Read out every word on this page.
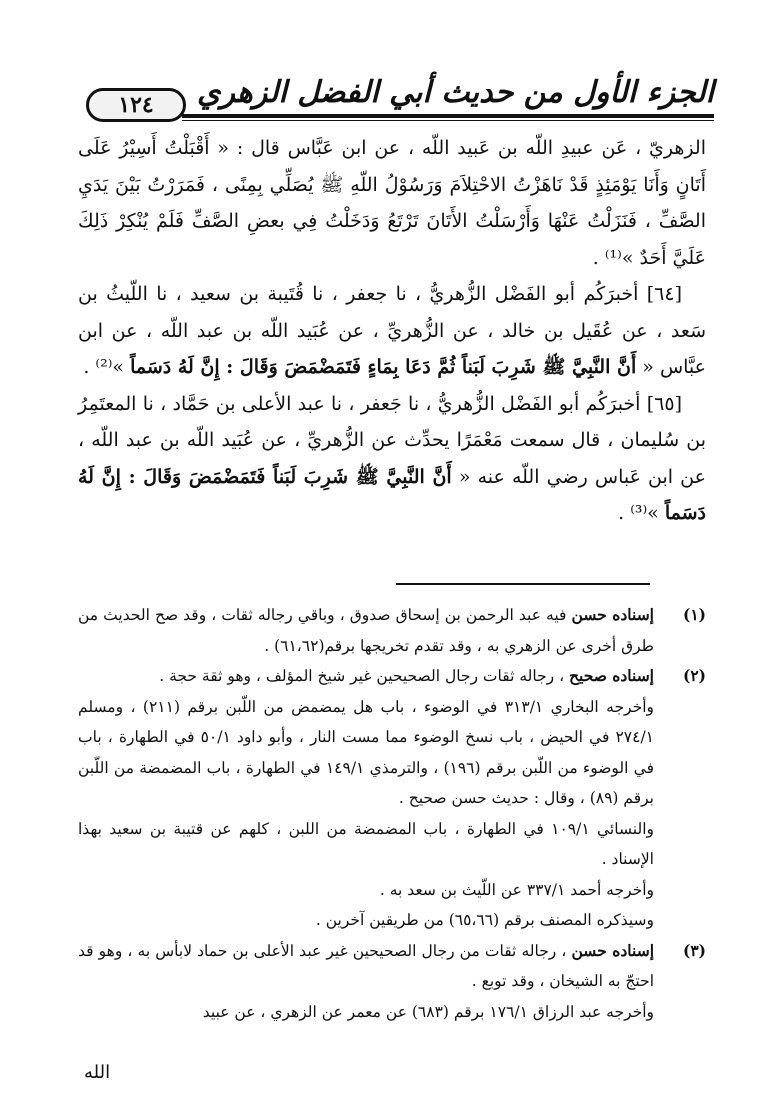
١٢٤	الجزء الأول من حديث أبي الفضل الزهري

الزهريّ ، عَن عبيدِ اللّه بن عَبيد اللّه ، عن ابن عَبَّاس قال : « أَقْبَلْتُ أَسِيْرُ عَلَى أَتَانٍ وَأَنَا يَوْمَئِذٍ قَدْ نَاهَزْتُ الاحْتِلاَمَ وَرَسُوْلُ اللّهِ ﷺ يُصَلِّي بِمِنًى ، فَمَرَرْتُ بَيْنَ يَدَيِ الصَّفِّ ، فَنَزَلْتُ عَنْهَا وَأَرْسَلْتُ الأَتَانَ تَرْتَعُ وَدَخَلْتُ فِي بعضِ الصَّفِّ فَلَمْ يُنْكِرْ ذَلِكَ عَلَيَّ أَحَدٌ »⁽¹⁾ .

[٦٤] أخبرَكُم أبو الفَضْل الزُّهريُّ ، نا جعفر ، نا قُتَيبة بن سعيد ، نا اللّيثُ بن سَعد ، عن عُقَيل بن خالد ، عن الزُّهريِّ ، عن عُبَيد اللّه بن عبد اللّه ، عن ابن عبَّاس « أَنَّ النَّبِيَّ ﷺ شَرِبَ لَبَناً ثُمَّ دَعَا بِمَاءٍ فَتَمَضْمَضَ وَقَالَ : إِنَّ لَهُ دَسَماً »⁽²⁾ .

[٦٥] أخبرَكُم أبو الفَضْل الزُّهريُّ ، نا جَعفر ، نا عبد الأعلى بن حَمَّاد ، نا المعتَمِرُ بن سُليمان ، قال سمعت مَعْمَرًا يحدِّث عن الزُّهريِّ ، عن عُبَيد اللّه بن عبد اللّه ، عن ابن عَباس رضي اللّه عنه « أَنَّ النَّبِيَّ ﷺ شَرِبَ لَبَناً فَتَمَضْمَضَ وَقَالَ : إِنَّ لَهُ دَسَماً »⁽³⁾ .

(١)

إسناده حسن فيه عبد الرحمن بن إسحاق صدوق ، وباقي رجاله ثقات ، وقد صح الحديث من طرق أخرى عن الزهري به ، وقد تقدم تخريجها برقم(٦١،٦٢) .

(٢)

إسناده صحيح ، رجاله ثقات رجال الصحيحين غير شيخ المؤلف ، وهو ثقة حجة .

وأخرجه البخاري ٣١٣/١ في الوضوء ، باب هل يمضمض من اللّبن برقم (٢١١) ، ومسلم ٢٧٤/١ في الحيض ، باب نسخ الوضوء مما مست النار ، وأبو داود ٥٠/١ في الطهارة ، باب في الوضوء من اللّبن برقم (١٩٦) ، والترمذي ١٤٩/١ في الطهارة ، باب المضمضة من اللّبن برقم (٨٩) ، وقال : حديث حسن صحيح .

والنسائي ١٠٩/١ في الطهارة ، باب المضمضة من اللبن ، كلهم عن قتيبة بن سعيد بهذا الإسناد .

وأخرجه أحمد ٣٣٧/١ عن اللّيث بن سعد به .

وسيذكره المصنف برقم (٦٥،٦٦) من طريقين آخرين .

(٣)

إسناده حسن ، رجاله ثقات من رجال الصحيحين غير عبد الأعلى بن حماد لابأس به ، وهو قد احتجّ به الشيخان ، وقد توبع .

وأخرجه عبد الرزاق ١٧٦/١ برقم (٦٨٣) عن معمر عن الزهري ، عن عبيد

الله
